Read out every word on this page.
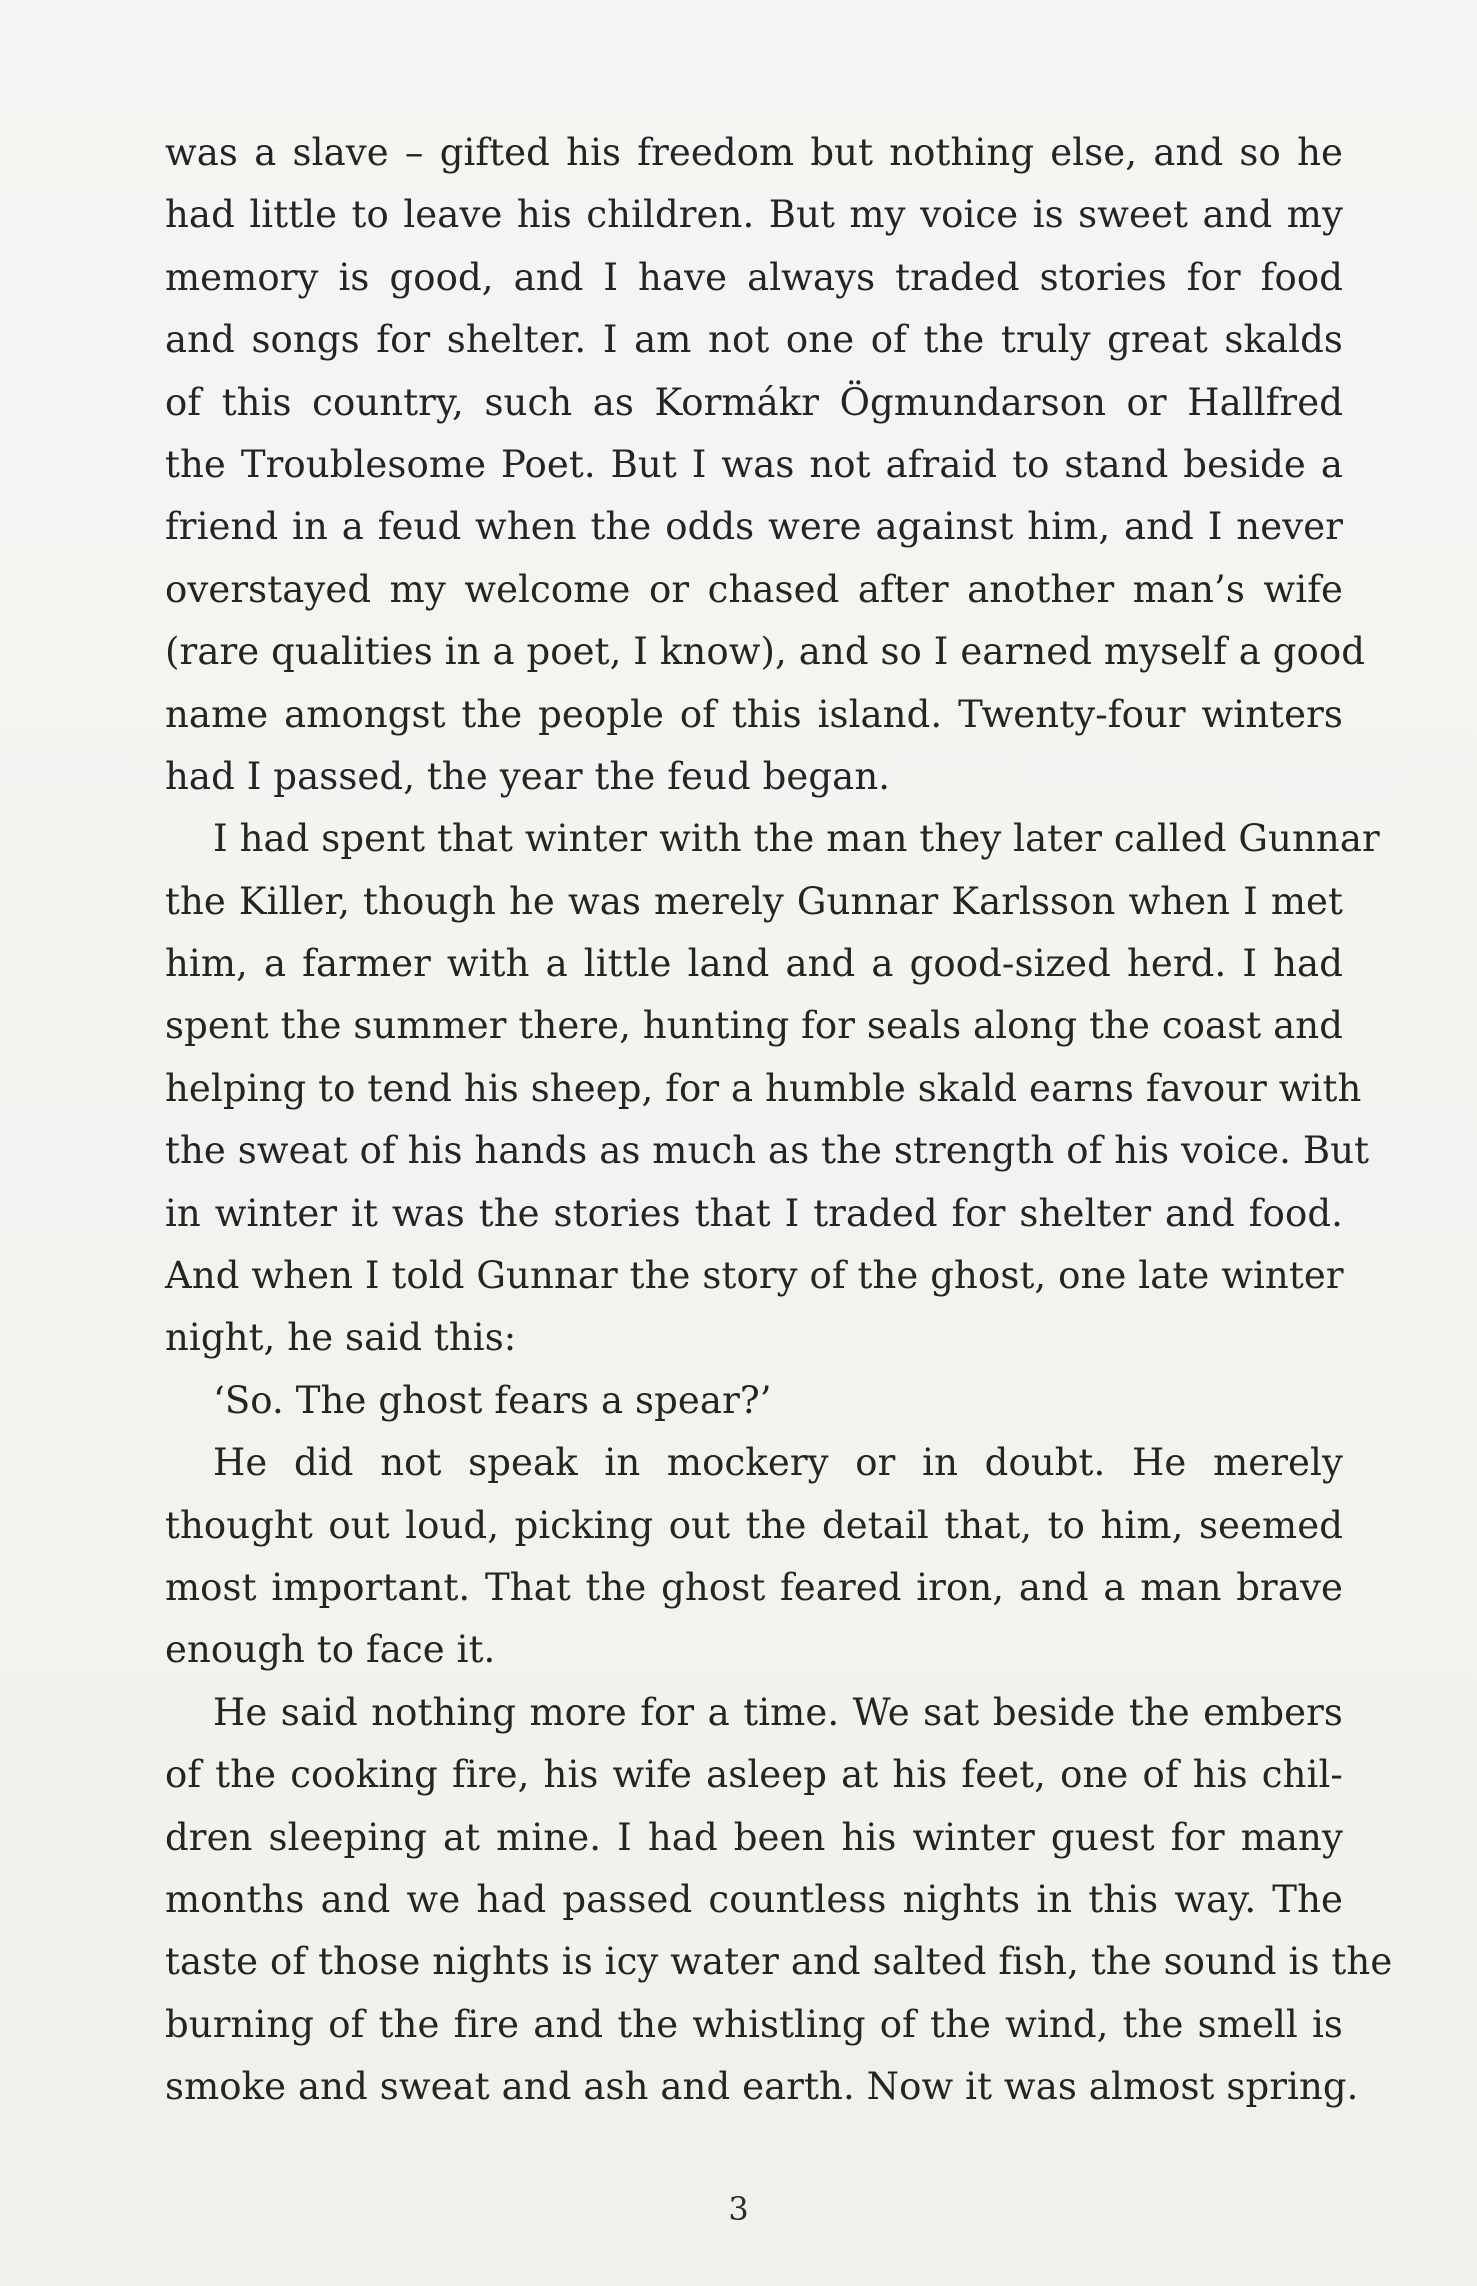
was a slave – gifted his freedom but nothing else, and so he
had little to leave his children. But my voice is sweet and my
memory is good, and I have always traded stories for food
and songs for shelter. I am not one of the truly great skalds
of this country, such as Kormákr Ögmundarson or Hallfred
the Troublesome Poet. But I was not afraid to stand beside a
friend in a feud when the odds were against him, and I never
overstayed my welcome or chased after another man’s wife
(rare qualities in a poet, I know), and so I earned myself a good
name amongst the people of this island. Twenty-four winters
had I passed, the year the feud began.
I had spent that winter with the man they later called Gunnar
the Killer, though he was merely Gunnar Karlsson when I met
him, a farmer with a little land and a good-sized herd. I had
spent the summer there, hunting for seals along the coast and
helping to tend his sheep, for a humble skald earns favour with
the sweat of his hands as much as the strength of his voice. But
in winter it was the stories that I traded for shelter and food.
And when I told Gunnar the story of the ghost, one late winter
night, he said this:
‘So. The ghost fears a spear?’
He did not speak in mockery or in doubt. He merely
thought out loud, picking out the detail that, to him, seemed
most important. That the ghost feared iron, and a man brave
enough to face it.
He said nothing more for a time. We sat beside the embers
of the cooking fire, his wife asleep at his feet, one of his chil-
dren sleeping at mine. I had been his winter guest for many
months and we had passed countless nights in this way. The
taste of those nights is icy water and salted fish, the sound is the
burning of the fire and the whistling of the wind, the smell is
smoke and sweat and ash and earth. Now it was almost spring.
3
